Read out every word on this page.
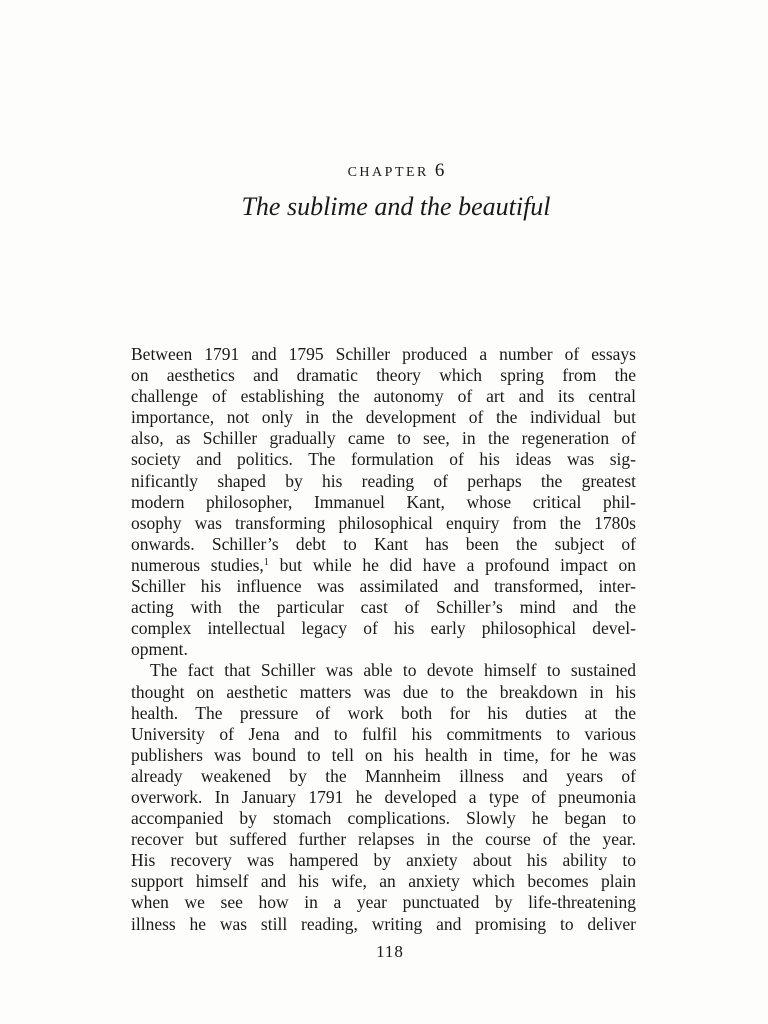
CHAPTER 6
The sublime and the beautiful
Between 1791 and 1795 Schiller produced a number of essays
on aesthetics and dramatic theory which spring from the
challenge of establishing the autonomy of art and its central
importance, not only in the development of the individual but
also, as Schiller gradually came to see, in the regeneration of
society and politics. The formulation of his ideas was sig-
nificantly shaped by his reading of perhaps the greatest
modern philosopher, Immanuel Kant, whose critical phil-
osophy was transforming philosophical enquiry from the 1780s
onwards. Schiller’s debt to Kant has been the subject of
numerous studies,$^1$ but while he did have a profound impact on
Schiller his influence was assimilated and transformed, inter-
acting with the particular cast of Schiller’s mind and the
complex intellectual legacy of his early philosophical devel-
opment.
The fact that Schiller was able to devote himself to sustained
thought on aesthetic matters was due to the breakdown in his
health. The pressure of work both for his duties at the
University of Jena and to fulfil his commitments to various
publishers was bound to tell on his health in time, for he was
already weakened by the Mannheim illness and years of
overwork. In January 1791 he developed a type of pneumonia
accompanied by stomach complications. Slowly he began to
recover but suffered further relapses in the course of the year.
His recovery was hampered by anxiety about his ability to
support himself and his wife, an anxiety which becomes plain
when we see how in a year punctuated by life-threatening
illness he was still reading, writing and promising to deliver
118
